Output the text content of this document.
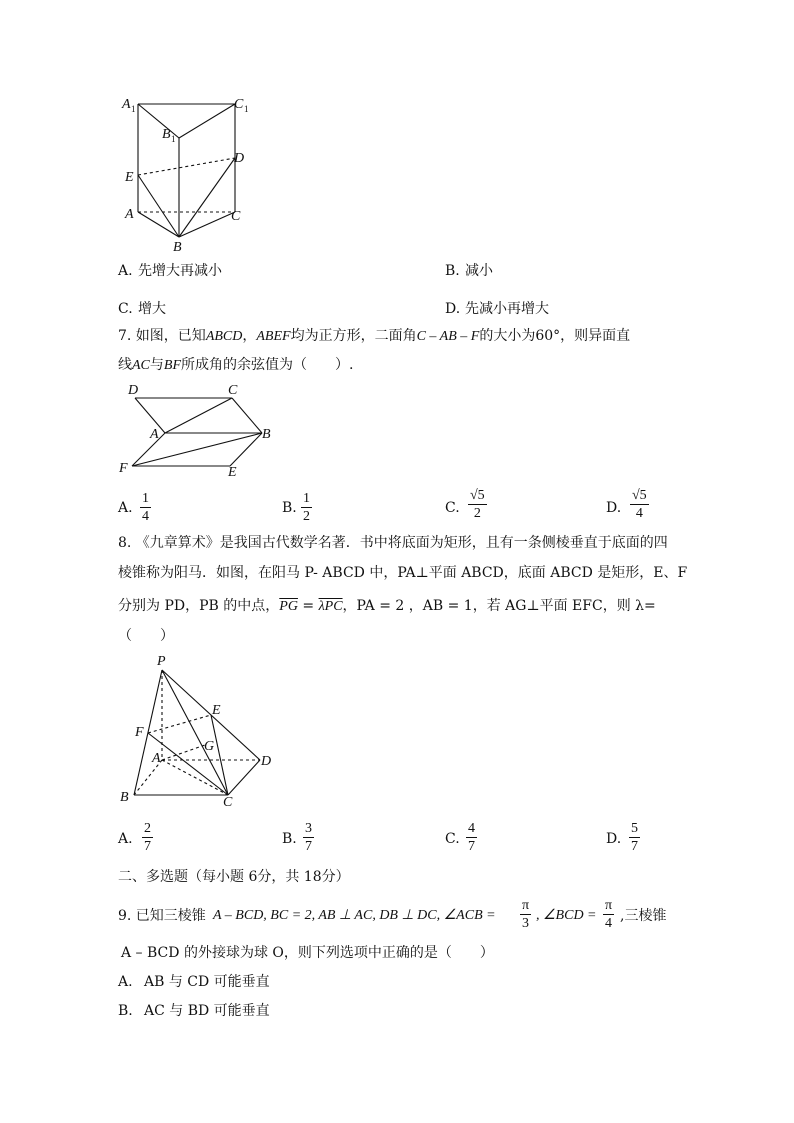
A 1
B 1
C 1
D
E
A
B
C
A. 先增大再减小	B. 减小
C. 增大	D. 先减小再增大
7. 如图，已知ABCD，ABEF均为正方形，二面角C – AB – F的大小为60°，则异面直
线AC与BF所成角的余弦值为（　　）.
D	C
A	B
F	E
A. $\frac{1}{4}$	B. $\frac{1}{2}$	C. $\frac{√5}{2}$	D. $\frac{√5}{4}$
8. 《九章算术》是我国古代数学名著．书中将底面为矩形，且有一条侧棱垂直于底面的四
棱锥称为阳马．如图，在阳马 P- ABCD 中，PA⊥平面 ABCD，底面 ABCD 是矩形，E、F
分别为 PD，PB 的中点，$\overline{PG} = \overline{\lambda PC}$，PA = 2 ，AB = 1，若 AG⊥平面 EFC，则 λ=
（　　）
P
E
F
G
A	D
B	C
A. $\frac{2}{7}$	B. $\frac{3}{7}$	C. $\frac{4}{7}$	D. $\frac{5}{7}$
二、多选题（每小题 6分，共 18分）
9. 已知三棱锥 A – BCD, BC = 2, AB ⊥ AC, DB ⊥ DC, ∠ACB = $\frac{\pi}{3}$ , ∠BCD = $\frac{\pi}{4}$ ,三棱锥
A – BCD 的外接球为球 O，则下列选项中正确的是（　　）
A. AB 与 CD 可能垂直
B. AC 与 BD 可能垂直
